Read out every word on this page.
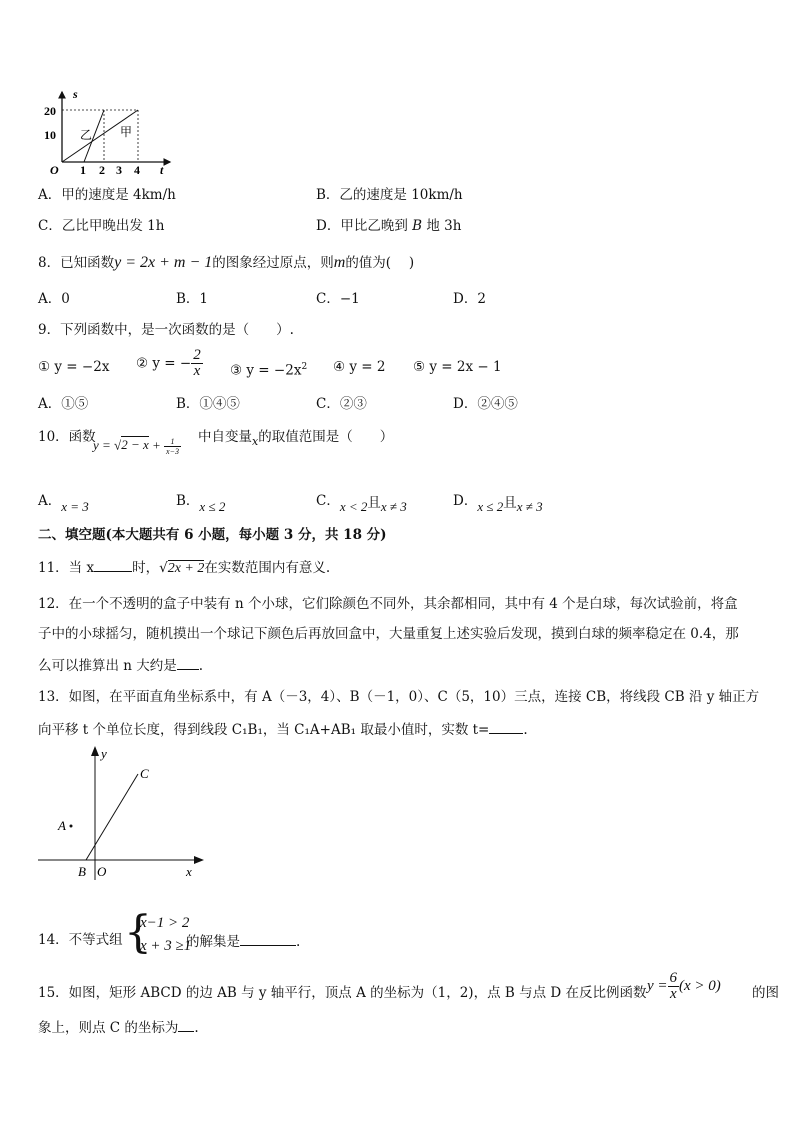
s
t
O
20
10
1 2 3 4
乙 甲
A．甲的速度是 4km/h	B．乙的速度是 10km/h
C．乙比甲晚出发 1h	D．甲比乙晚到 B 地 3h
8．已知函数y = 2x + m − 1的图象经过原点，则m的值为(　 )
A．0	B．1	C．−1	D．2
9．下列函数中，是一次函数的是（　　）.
① y = −2x ② y = − $\frac{2}{x}$ ③ $y = -2x^2$ ④ y = 2 ⑤ y = 2x − 1
A．①⑤	B．①④⑤	C．②③	D．②④⑤
10．函数
$y = √2 - x + \frac{1}{x-3}$ 中自变量$_x$的取值范围是（　　）
A．x = 3	B．x ≤ 2	C．x < 2且x ≠ 3	D．x ≤ 2且x ≠ 3
二、填空题(本大题共有 6 小题，每小题 3 分，共 18 分)
11．当 x	时，√2x + 2在实数范围内有意义.
12．在一个不透明的盒子中装有 n 个小球，它们除颜色不同外，其余都相同，其中有 4 个是白球，每次试验前，将盒
子中的小球摇匀，随机摸出一个球记下颜色后再放回盒中，大量重复上述实验后发现，摸到白球的频率稳定在 0.4，那
么可以推算出 n 大约是 .
13．如图，在平面直角坐标系中，有 A（－3，4）、B（－1，0）、C（5，10）三点，连接 CB，将线段 CB 沿 y 轴正方
向平移 t 个单位长度，得到线段 C₁B₁，当 C₁A+AB₁ 取最小值时，实数 t=	.
y
x
A
B O
C
14．不等式组 {
x−1 > 2
x + 3 ≥1
的解集是	.
15．如图，矩形 ABCD 的边 AB 与 y 轴平行，顶点 A 的坐标为（1，2)，点 B 与点 D 在反比例函数 $y = \frac{6}{x} (x > 0)$ 的图
象上，则点 C 的坐标为 .
